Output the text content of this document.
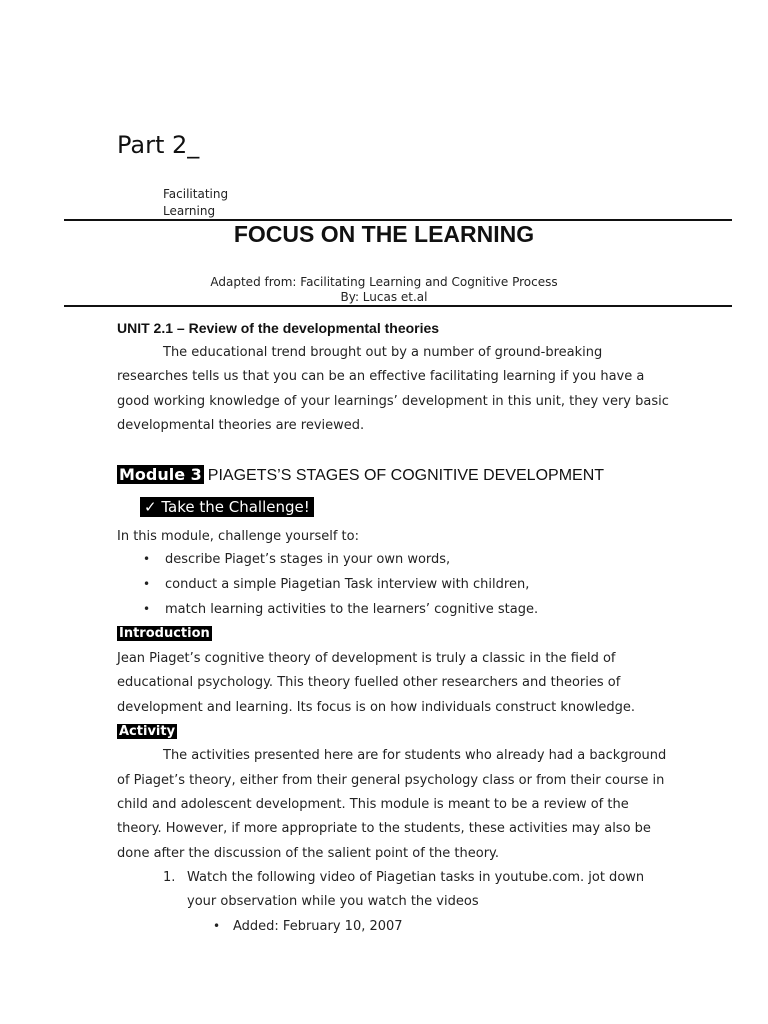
Part 2_
Facilitating
Learning
FOCUS ON THE LEARNING
Adapted from: Facilitating Learning and Cognitive Process
By: Lucas et.al
UNIT 2.1 – Review of the developmental theories
The educational trend brought out by a number of ground-breaking
researches tells us that you can be an effective facilitating learning if you have a
good working knowledge of your learnings’ development in this unit, they very basic
developmental theories are reviewed.
Module 3 PIAGETS’S STAGES OF COGNITIVE DEVELOPMENT
✓ Take the Challenge!
In this module, challenge yourself to:
• describe Piaget’s stages in your own words,
• conduct a simple Piagetian Task interview with children,
• match learning activities to the learners’ cognitive stage.
Introduction
Jean Piaget’s cognitive theory of development is truly a classic in the field of
educational psychology. This theory fuelled other researchers and theories of
development and learning. Its focus is on how individuals construct knowledge.
Activity
The activities presented here are for students who already had a background
of Piaget’s theory, either from their general psychology class or from their course in
child and adolescent development. This module is meant to be a review of the
theory. However, if more appropriate to the students, these activities may also be
done after the discussion of the salient point of the theory.
1. Watch the following video of Piagetian tasks in youtube.com. jot down
your observation while you watch the videos
• Added: February 10, 2007
